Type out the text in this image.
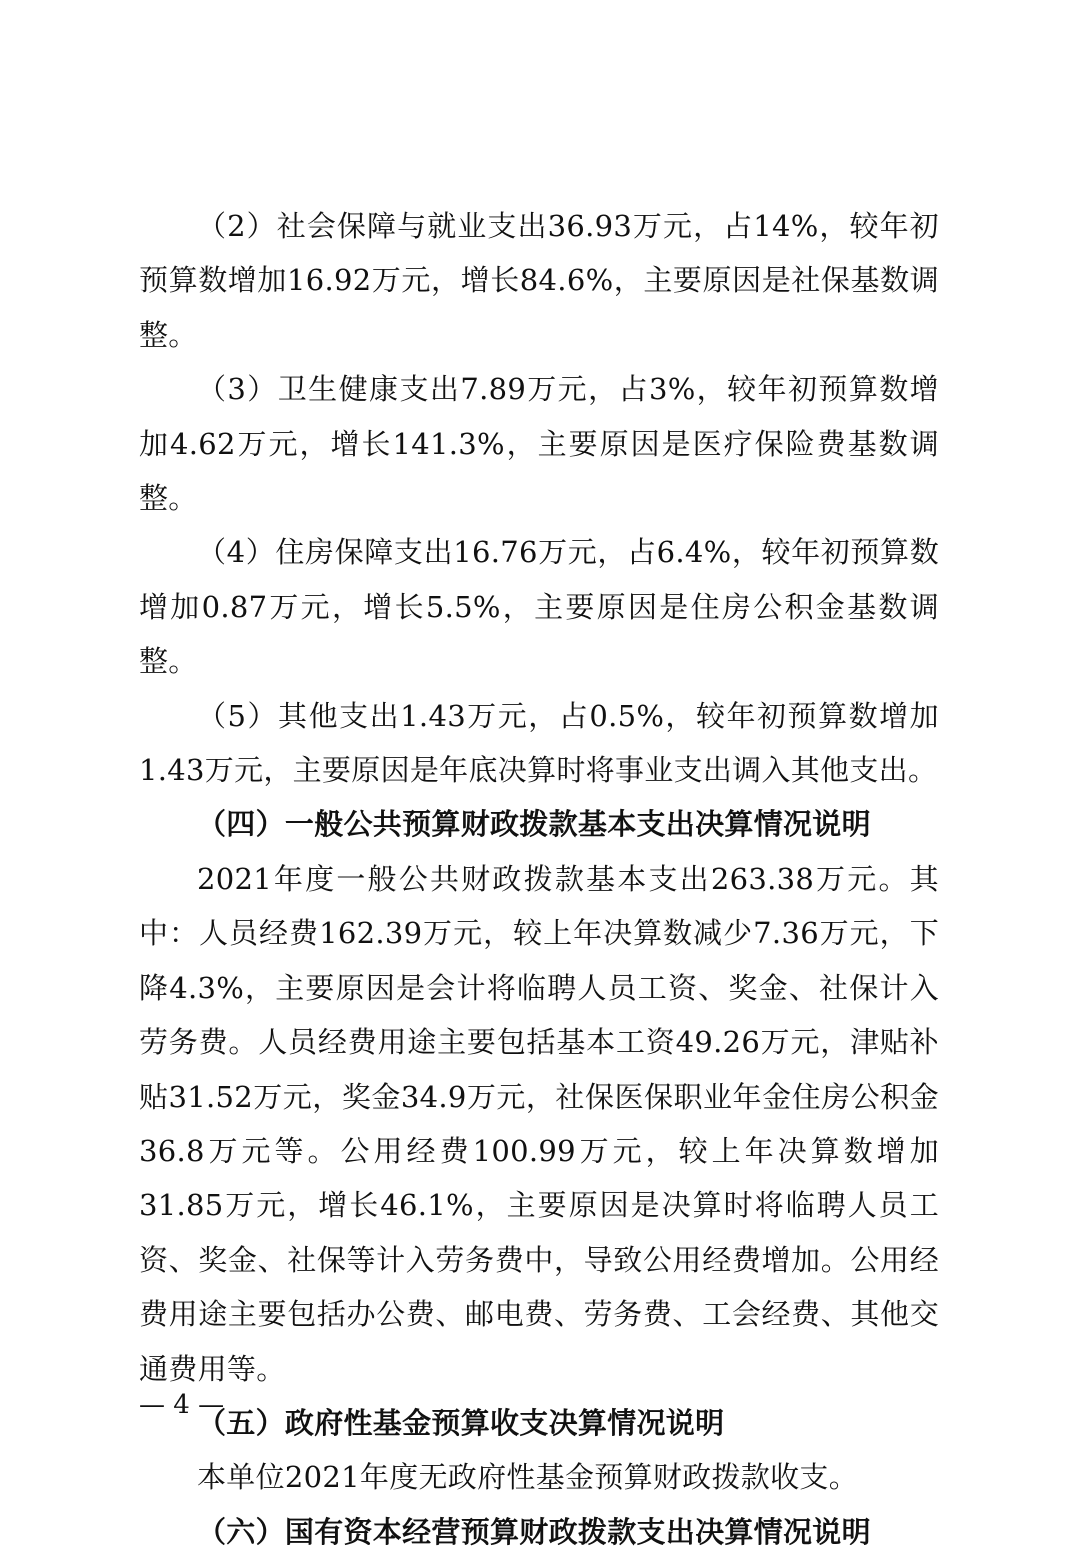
（2）社会保障与就业支出36.93万元，占14%，较年初预算数增加16.92万元，增长84.6%，主要原因是社保基数调整。

（3）卫生健康支出7.89万元，占3%，较年初预算数增加4.62万元，增长141.3%，主要原因是医疗保险费基数调整。

（4）住房保障支出16.76万元，占6.4%，较年初预算数增加0.87万元，增长5.5%，主要原因是住房公积金基数调整。

（5）其他支出1.43万元，占0.5%，较年初预算数增加1.43万元，主要原因是年底决算时将事业支出调入其他支出。

（四）一般公共预算财政拨款基本支出决算情况说明

2021年度一般公共财政拨款基本支出263.38万元。其中：人员经费162.39万元，较上年决算数减少7.36万元，下降4.3%，主要原因是会计将临聘人员工资、奖金、社保计入劳务费。人员经费用途主要包括基本工资49.26万元，津贴补贴31.52万元，奖金34.9万元，社保医保职业年金住房公积金36.8万元等。公用经费100.99万元，较上年决算数增加31.85万元，增长46.1%，主要原因是决算时将临聘人员工资、奖金、社保等计入劳务费中，导致公用经费增加。公用经费用途主要包括办公费、邮电费、劳务费、工会经费、其他交通费用等。

（五）政府性基金预算收支决算情况说明

本单位2021年度无政府性基金预算财政拨款收支。

（六）国有资本经营预算财政拨款支出决算情况说明

— 4 —
